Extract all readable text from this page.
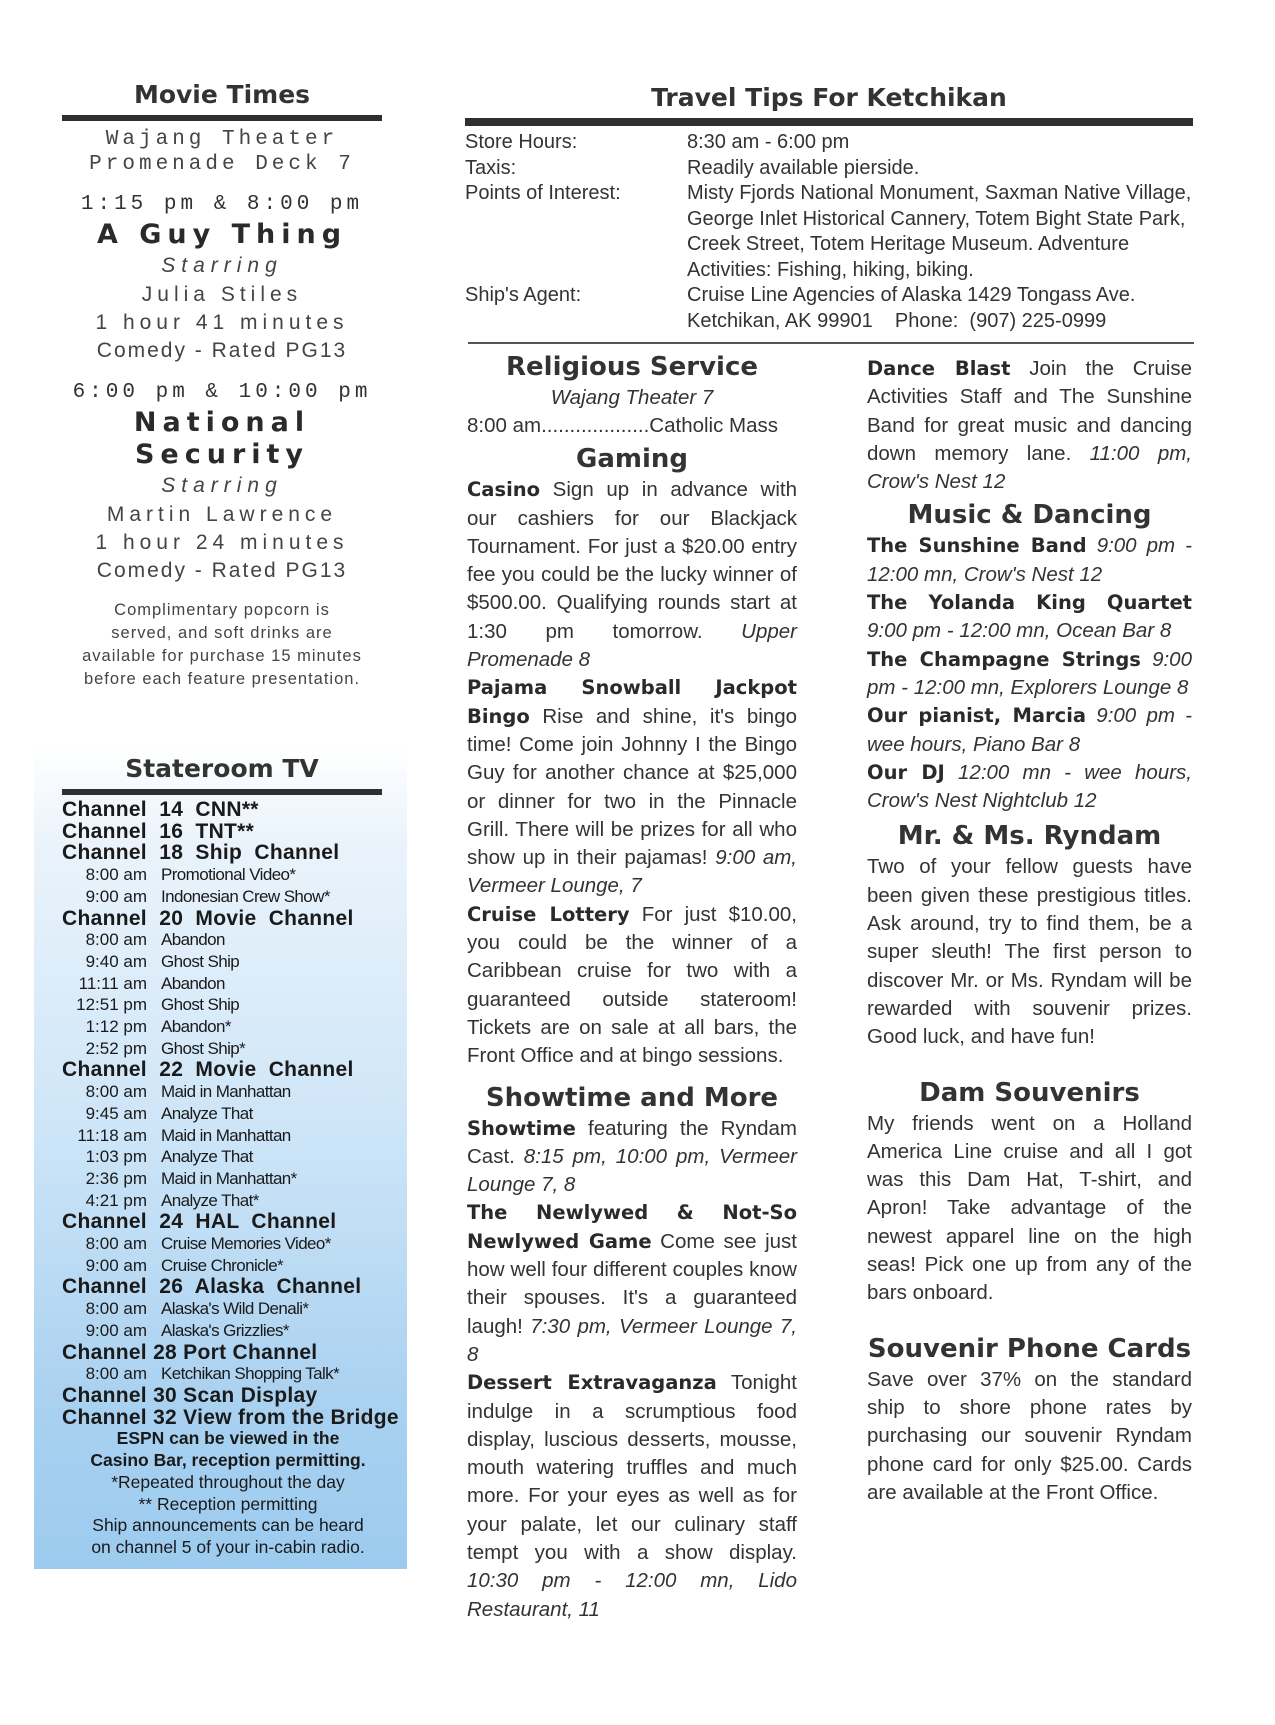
Movie Times
Wajang Theater
Promenade Deck 7
1:15 pm & 8:00 pm
A Guy Thing
Starring
Julia Stiles
1 hour 41 minutes
Comedy - Rated PG13
6:00 pm & 10:00 pm
National
Security
Starring
Martin Lawrence
1 hour 24 minutes
Comedy - Rated PG13
Complimentary popcorn is
served, and soft drinks are
available for purchase 15 minutes
before each feature presentation.
Stateroom TV
Channel  14  CNN**
Channel  16  TNT**
Channel  18  Ship  Channel
8:00 am Promotional Video*
9:00 am Indonesian Crew Show*
Channel  20  Movie  Channel
8:00 am Abandon
9:40 am Ghost Ship
11:11 am Abandon
12:51 pm Ghost Ship
1:12 pm Abandon*
2:52 pm Ghost Ship*
Channel  22  Movie  Channel
8:00 am Maid in Manhattan
9:45 am Analyze That
11:18 am Maid in Manhattan
1:03 pm Analyze That
2:36 pm Maid in Manhattan*
4:21 pm Analyze That*
Channel  24  HAL  Channel
8:00 am Cruise Memories Video*
9:00 am Cruise Chronicle*
Channel  26  Alaska  Channel
8:00 am Alaska's Wild Denali*
9:00 am Alaska's Grizzlies*
Channel 28 Port Channel
8:00 am Ketchikan Shopping Talk*
Channel 30 Scan Display
Channel 32 View from the Bridge
ESPN can be viewed in the
Casino Bar, reception permitting.
*Repeated throughout the day
** Reception permitting
Ship announcements can be heard
on channel 5 of your in-cabin radio.
Travel Tips For Ketchikan
Store Hours:	8:30 am - 6:00 pm
Taxis:	Readily available pierside.
Points of Interest:	Misty Fjords National Monument, Saxman Native Village, George Inlet Historical Cannery, Totem Bight State Park, Creek Street, Totem Heritage Museum. Adventure Activities: Fishing, hiking, biking.
Ship's Agent:	Cruise Line Agencies of Alaska 1429 Tongass Ave. Ketchikan, AK 99901    Phone:  (907) 225-0999
Religious Service
Wajang Theater 7
8:00 am...................Catholic Mass
Gaming

Casino Sign up in advance with our cashiers for our Blackjack Tournament. For just a $20.00 entry fee you could be the lucky winner of $500.00. Qualifying rounds start at 1:30 pm tomorrow. Upper Promenade 8

Pajama Snowball Jackpot Bingo Rise and shine, it's bingo time! Come join Johnny I the Bingo Guy for another chance at $25,000 or dinner for two in the Pinnacle Grill. There will be prizes for all who show up in their pajamas! 9:00 am, Vermeer Lounge, 7

Cruise Lottery For just $10.00, you could be the winner of a Caribbean cruise for two with a guaranteed outside stateroom! Tickets are on sale at all bars, the Front Office and at bingo sessions.

Showtime and More

Showtime featuring the Ryndam Cast. 8:15 pm, 10:00 pm, Vermeer Lounge 7, 8

The Newlywed & Not-So Newlywed Game Come see just how well four different couples know their spouses. It's a guaranteed laugh! 7:30 pm, Vermeer Lounge 7, 8

Dessert Extravaganza Tonight indulge in a scrumptious food display, luscious desserts, mousse, mouth watering truffles and much more. For your eyes as well as for your palate, let our culinary staff tempt you with a show display. 10:30 pm - 12:00 mn, Lido Restaurant, 11

Dance Blast Join the Cruise Activities Staff and The Sunshine Band for great music and dancing down memory lane. 11:00 pm, Crow's Nest 12

Music & Dancing

The Sunshine Band 9:00 pm - 12:00 mn, Crow's Nest 12

The Yolanda King Quartet 9:00 pm - 12:00 mn, Ocean Bar 8

The Champagne Strings 9:00 pm - 12:00 mn, Explorers Lounge 8

Our pianist, Marcia 9:00 pm - wee hours, Piano Bar 8

Our DJ 12:00 mn - wee hours, Crow's Nest Nightclub 12

Mr. & Ms. Ryndam

Two of your fellow guests have been given these prestigious titles. Ask around, try to find them, be a super sleuth! The first person to discover Mr. or Ms. Ryndam will be rewarded with souvenir prizes. Good luck, and have fun!

Dam Souvenirs

My friends went on a Holland America Line cruise and all I got was this Dam Hat, T-shirt, and Apron! Take advantage of the newest apparel line on the high seas! Pick one up from any of the bars onboard.

Souvenir Phone Cards

Save over 37% on the standard ship to shore phone rates by purchasing our souvenir Ryndam phone card for only $25.00. Cards are available at the Front Office.
